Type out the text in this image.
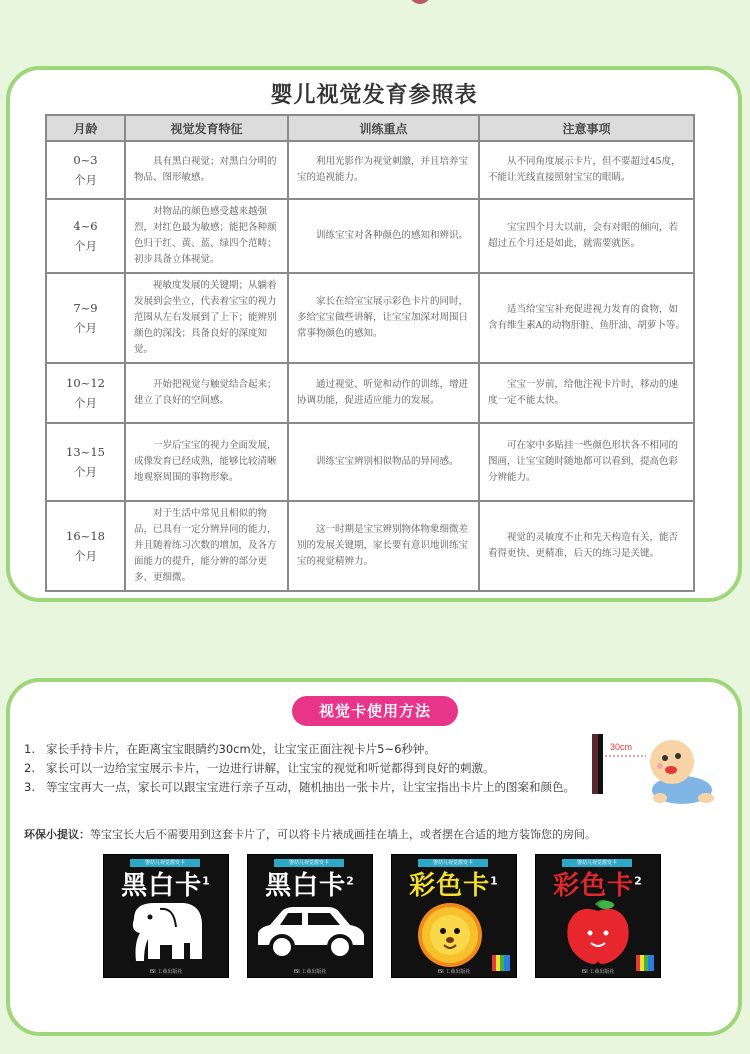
婴儿视觉发育参照表
月龄	视觉发育特征	训练重点	注意事项
0~3
个月	具有黑白视觉；对黑白分明的物品、图形敏感。	利用光影作为视觉刺激，并且培养宝宝的追视能力。	从不同角度展示卡片，但不要超过45度，不能让光线直接照射宝宝的眼睛。
4~6
个月	对物品的颜色感受越来越强烈，对红色最为敏感；能把各种颜色归于红、黄、蓝、绿四个范畴；初步具备立体视觉。	训练宝宝对各种颜色的感知和辨识。	宝宝四个月大以前，会有对眼的倾向，若超过五个月还是如此，就需要就医。
7~9
个月	视敏度发展的关键期；从躺着发展到会坐立，代表着宝宝的视力范围从左右发展到了上下；能辨别颜色的深浅；具备良好的深度知觉。	家长在给宝宝展示彩色卡片的同时，多给宝宝做些讲解，让宝宝加深对周围日常事物颜色的感知。	适当给宝宝补充促进视力发育的食物，如含有维生素A的动物肝脏、鱼肝油、胡萝卜等。
10~12
个月	开始把视觉与触觉结合起来；建立了良好的空间感。	通过视觉、听觉和动作的训练，增进协调功能，促进适应能力的发展。	宝宝一岁前，给他注视卡片时，移动的速度一定不能太快。
13~15
个月	一岁后宝宝的视力全面发展，成像发育已经成熟，能够比较清晰地观察周围的事物形象。	训练宝宝辨别相似物品的异同感。	可在家中多贴挂一些颜色形状各不相同的图画，让宝宝随时随地都可以看到，提高色彩分辨能力。
16~18
个月	对于生活中常见且相似的物品，已具有一定分辨异同的能力，并且随着练习次数的增加，及各方面能力的提升，能分辨的部分更多、更细微。	这一时期是宝宝辨别物体物象细微差别的发展关键期，家长要有意识地训练宝宝的视觉精辨力。	视觉的灵敏度不止和先天构造有关，能否看得更快、更精准，后天的练习是关键。
视觉卡使用方法
1. 家长手持卡片，在距离宝宝眼睛约30cm处，让宝宝正面注视卡片5~6秒钟。
2. 家长可以一边给宝宝展示卡片，一边进行讲解，让宝宝的视觉和听觉都得到良好的刺激。
3. 等宝宝再大一点，家长可以跟宝宝进行亲子互动，随机抽出一张卡片，让宝宝指出卡片上的图案和颜色。
30cm
环保小提议：等宝宝长大后不需要用到这套卡片了，可以将卡片裱成画挂在墙上，或者摆在合适的地方装饰您的房间。
婴幼儿视觉激发卡
黑白卡$^1$
ISI 工商出版社
婴幼儿视觉激发卡
黑白卡$^2$
ISI 工商出版社
婴幼儿视觉激发卡
彩色卡$^1$
ISI 工商出版社
婴幼儿视觉激发卡
彩色卡$^2$
ISI 工商出版社
